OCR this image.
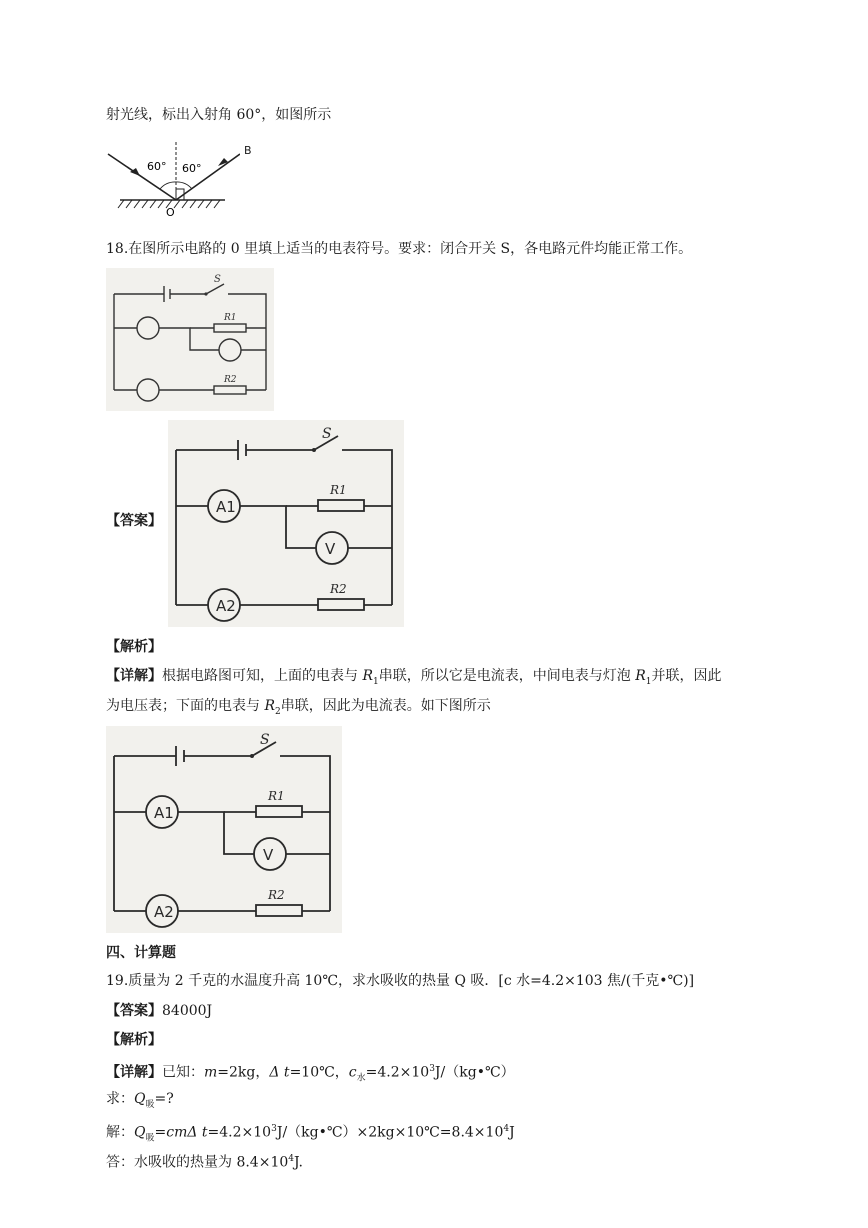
射光线，标出入射角 60°，如图所示
60° 60°
O
B
18.在图所示电路的 0 里填上适当的电表符号。要求：闭合开关 S，各电路元件均能正常工作。
S
R1
R2
【答案】
S
A1
V
A2
R1
R2
【解析】
【详解】根据电路图可知，上面的电表与 $R_1$串联，所以它是电流表，中间电表与灯泡 $R_1$并联，因此
为电压表；下面的电表与 $R_2$串联，因此为电流表。如下图所示
S
A1
V
A2
R1
R2
四、计算题
19.质量为 2 千克的水温度升高 10℃，求水吸收的热量 Q 吸．[c 水=4.2×103 焦/(千克•℃)]
【答案】84000J
【解析】
【详解】已知：m=2kg，Δ t=10℃，$c_水=4.2\times 10^3J/(kg•℃)$
求：$Q_吸=$?
解：$Q_吸=cm\Delta$ $t=4.2\times 10^3J/(kg•℃)\times 2kg\times 10℃=8.4\times 10^4J$
答：水吸收的热量为 $8.4\times 10^4J$.
